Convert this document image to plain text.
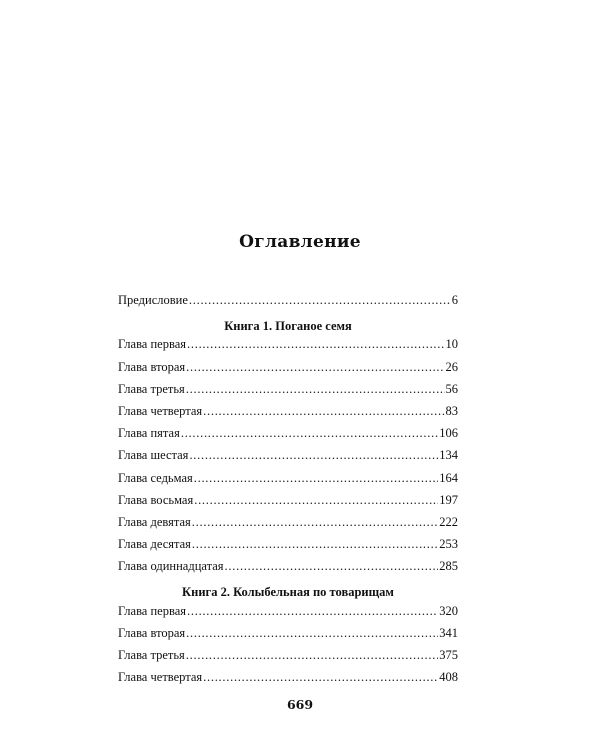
Оглавление
Предисловие . . .	6
Книга 1. Поганое семя
Глава первая . . .	10
Глава вторая . . .	26
Глава третья . . .	56
Глава четвертая . . .	83
Глава пятая . . .	106
Глава шестая . . .	134
Глава седьмая . . .	164
Глава восьмая . . .	197
Глава девятая . . .	222
Глава десятая . . .	253
Глава одиннадцатая . . .	285
Книга 2. Колыбельная по товарищам
Глава первая . . .	320
Глава вторая . . .	341
Глава третья . . .	375
Глава четвертая . . .	408
669
